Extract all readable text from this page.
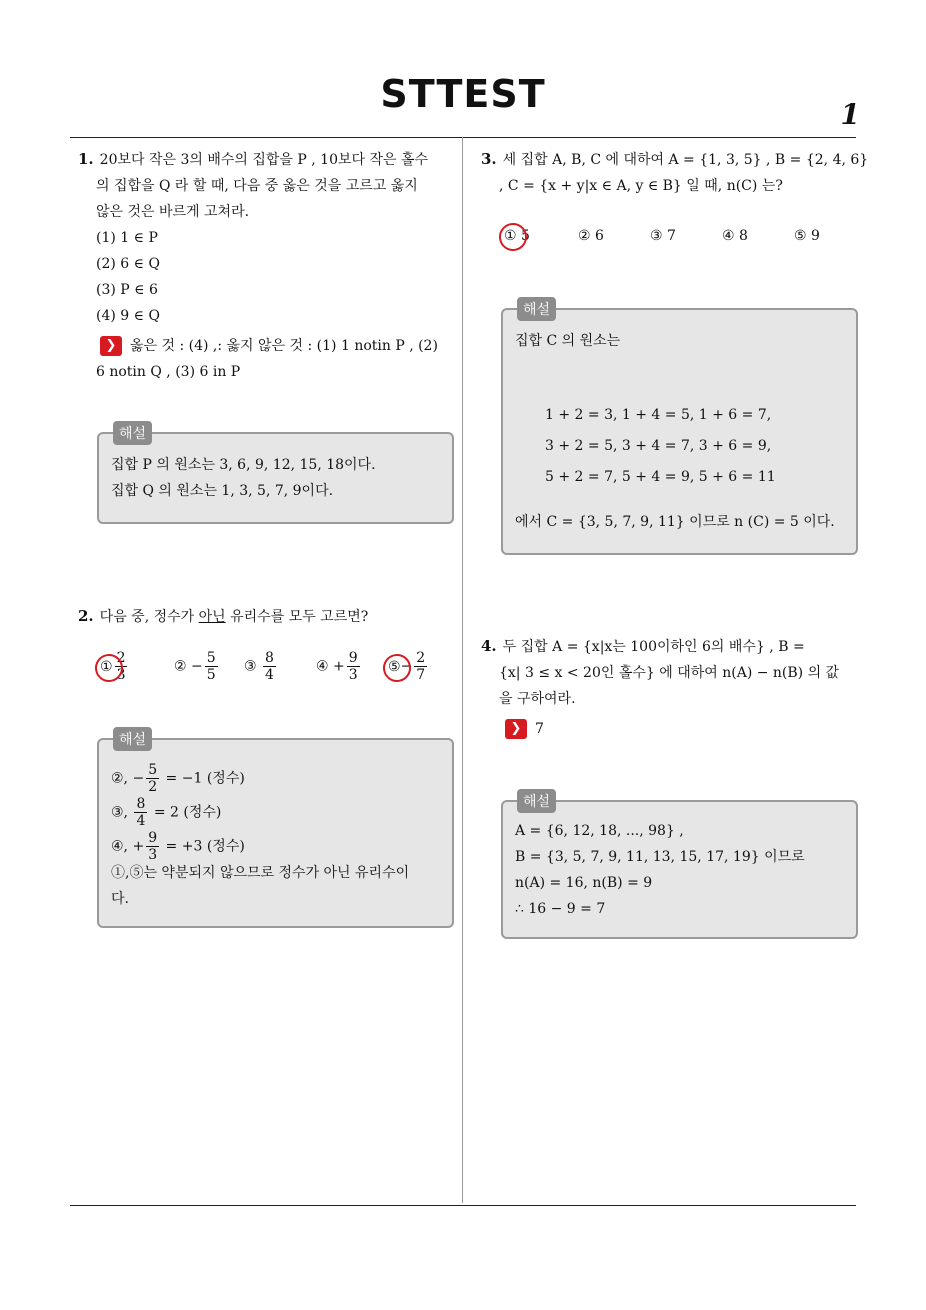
STTEST	1
1. 20보다 작은 3의 배수의 집합을 P , 10보다 작은 홀수
의 집합을 Q 라 할 때, 다음 중 옳은 것을 고르고 옳지
않은 것은 바르게 고쳐라.
(1) 1 ∈ P
(2) 6 ∈ Q
(3) P ∈ 6
(4) 9 ∈ Q
❯ 옳은 것 : (4) ,: 옳지 않은 것 : (1) 1 notin P , (2)
6 notin Q , (3) 6 in P
해설
집합 P 의 원소는 3, 6, 9, 12, 15, 18이다.
집합 Q 의 원소는 1, 3, 5, 7, 9이다.
2. 다음 중, 정수가 아닌 유리수를 모두 고르면?
① $\frac{2}{3}$	② − $\frac{5}{5}$ ③ $\frac{8}{4}$	④ + $\frac{9}{3}$ ⑤− $\frac{2}{7}$
해설
②, − $\frac{5}{2} = -1$ (정수)
③, $\frac{8}{4} = 2$ (정수)
④, + $\frac{9}{3} = +3$ (정수)
①,⑤는 약분되지 않으므로 정수가 아닌 유리수이
다.
3. 세 집합 A, B, C 에 대하여 A = {1, 3, 5} , B = {2, 4, 6}
, C = {x + y|x ∈ A, y ∈ B} 일 때, n(C) 는?
① 5	② 6	③ 7	④ 8	⑤ 9
해설
집합 C 의 원소는
1 + 2 = 3, 1 + 4 = 5, 1 + 6 = 7,
3 + 2 = 5, 3 + 4 = 7, 3 + 6 = 9,
5 + 2 = 7, 5 + 4 = 9, 5 + 6 = 11
에서 C = {3, 5, 7, 9, 11} 이므로 n (C) = 5 이다.
4. 두 집합 A = {x|x는 100이하인 6의 배수} , B =
{x| 3 ≤ x < 20인 홀수} 에 대하여 n(A) − n(B) 의 값
을 구하여라.
❯ 7
해설
A = {6, 12, 18, ..., 98} ,
B = {3, 5, 7, 9, 11, 13, 15, 17, 19} 이므로
n(A) = 16, n(B) = 9
∴ 16 − 9 = 7
